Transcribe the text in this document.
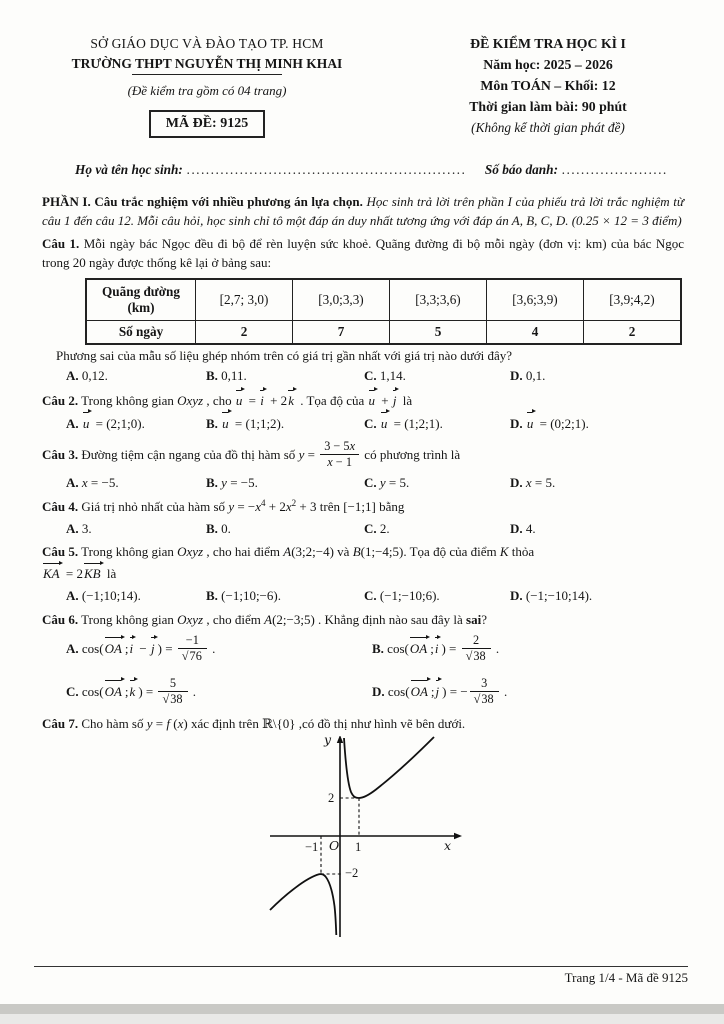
SỞ GIÁO DỤC VÀ ĐÀO TẠO TP. HCM
TRƯỜNG THPT NGUYỄN THỊ MINH KHAI
(Đề kiểm tra gồm có 04 trang)
MÃ ĐỀ: 9125
ĐỀ KIỂM TRA HỌC KÌ I
Năm học: 2025 – 2026
Môn TOÁN – Khối: 12
Thời gian làm bài: 90 phút
(Không kể thời gian phát đề)
Họ và tên học sinh: ..........................................................	Số báo danh: ......................
PHẦN I. Câu trắc nghiệm với nhiều phương án lựa chọn. Học sinh trả lời trên phần I của phiếu trả lời trắc nghiệm từ câu 1 đến câu 12. Mỗi câu hỏi, học sinh chỉ tô một đáp án duy nhất tương ứng với đáp án A, B, C, D. (0.25 × 12 = 3 điểm)
Câu 1. Mỗi ngày bác Ngọc đều đi bộ để rèn luyện sức khoẻ. Quãng đường đi bộ mỗi ngày (đơn vị: km) của bác Ngọc trong 20 ngày được thống kê lại ở bảng sau:
Quãng đường (km)	[2,7; 3,0)	[3,0;3,3)	[3,3;3,6)	[3,6;3,9)	[3,9;4,2)
Số ngày	2	7	5	4	2
Phương sai của mẫu số liệu ghép nhóm trên có giá trị gần nhất với giá trị nào dưới đây?
A. 0,12.	B. 0,11.	C. 1,14.	D. 0,1.
Câu 2. Trong không gian Oxyz , cho u = i + 2k . Tọa độ của u + j là
A. u = (2;1;0).	B. u = (1;1;2).	C. u = (1;2;1).	D. u = (0;2;1).
Câu 3. Đường tiệm cận ngang của đồ thị hàm số $y = \frac{3 - 5x}{x - 1}$ có phương trình là
A. x = −5.	B. y = −5.	C. y = 5.	D. x = 5.
Câu 4. Giá trị nhỏ nhất của hàm số $y = -x^4 + 2x^2 + 3$ trên [−1;1] bằng
A. 3.	B. 0.	C. 2.	D. 4.
Câu 5. Trong không gian Oxyz , cho hai điểm A(3;2;−4) và B(1;−4;5). Tọa độ của điểm K thỏa
KA = 2KB là
A. (−1;10;14).	B. (−1;10;−6).	C. (−1;−10;6).	D. (−1;−10;14).
Câu 6. Trong không gian Oxyz , cho điểm A(2;−3;5) . Khẳng định nào sau đây là sai?
A. cos(OA ;i − j ) = $\frac{-1}{√76}$ .	B. cos(OA ;i ) = $\frac{2}{√38}$ .
C. cos(OA ;k ) = $\frac{5}{√38}$ .	D. cos(OA ;j ) = − $\frac{3}{√38}$ .
Câu 7. Cho hàm số y = f (x) xác định trên ℝ\{0} ,có đồ thị như hình vẽ bên dưới.
y
x
O 1
−1
2
−2
Trang 1/4 - Mã đề 9125
